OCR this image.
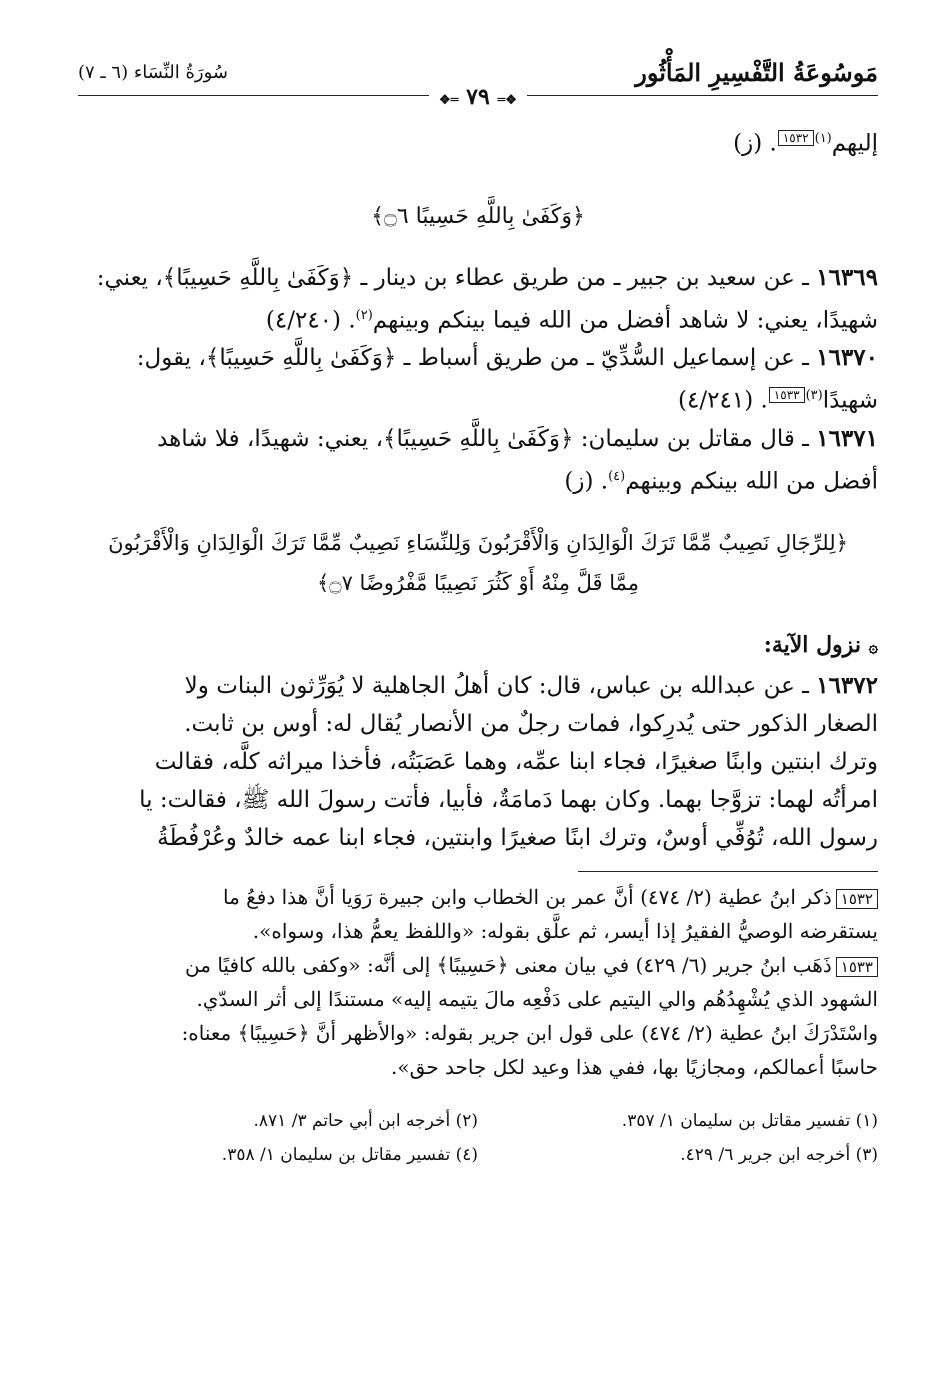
مَوسُوعَةُ التَّفْسِيرِ المَأْثُور
سُورَةُ النِّسَاء (٦ ـ ٧)
❖═ ٧٩ ═❖
إليهم$^{(١)}$١٥٣٢. (ز)
﴿وَكَفَىٰ بِاللَّهِ حَسِيبًا ۝٦﴾
١٦٣٦٩ ـ عن سعيد بن جبير ـ من طريق عطاء بن دينار ـ ﴿وَكَفَىٰ بِاللَّهِ حَسِيبًا﴾، يعني:
شهيدًا، يعني: لا شاهد أفضل من الله فيما بينكم وبينهم$^{(٢)}$. (٤/٢٤٠)
١٦٣٧٠ ـ عن إسماعيل السُّدِّيّ ـ من طريق أسباط ـ ﴿وَكَفَىٰ بِاللَّهِ حَسِيبًا﴾، يقول:
شهيدًا$^{(٣)}$١٥٣٣. (٤/٢٤١)
١٦٣٧١ ـ قال مقاتل بن سليمان: ﴿وَكَفَىٰ بِاللَّهِ حَسِيبًا﴾، يعني: شهيدًا، فلا شاهد
أفضل من الله بينكم وبينهم$^{(٤)}$. (ز)
﴿لِلرِّجَالِ نَصِيبٌ مِّمَّا تَرَكَ الْوَالِدَانِ وَالْأَقْرَبُونَ وَلِلنِّسَاءِ نَصِيبٌ مِّمَّا تَرَكَ الْوَالِدَانِ وَالْأَقْرَبُونَ
مِمَّا قَلَّ مِنْهُ أَوْ كَثُرَ نَصِيبًا مَّفْرُوضًا ۝٧﴾
۞ نزول الآية:
١٦٣٧٢ ـ عن عبدالله بن عباس، قال: كان أهلُ الجاهلية لا يُوَرِّثون البنات ولا
الصغار الذكور حتى يُدرِكوا، فمات رجلٌ من الأنصار يُقال له: أوس بن ثابت.
وترك ابنتين وابنًا صغيرًا، فجاء ابنا عمِّه، وهما عَصَبَتُه، فأخذا ميراثه كلَّه، فقالت
امرأتُه لهما: تزوَّجا بهما. وكان بهما دَمامَةٌ، فأبيا، فأتت رسولَ الله ﷺ، فقالت: يا
رسول الله، تُوُفِّي أوسٌ، وترك ابنًا صغيرًا وابنتين، فجاء ابنا عمه خالدٌ وعُرْفُطَةُ
١٥٣٢ذكر ابنُ عطية (٢/ ٤٧٤) أنَّ عمر بن الخطاب وابن جبيرة رَوَيا أنَّ هذا دفعُ ما
يستقرضه الوصيُّ الفقيرُ إذا أيسر، ثم علَّق بقوله: «واللفظ يعمُّ هذا، وسواه».
١٥٣٣ذَهَب ابنُ جرير (٦/ ٤٢٩) في بيان معنى ﴿حَسِيبًا﴾ إلى أنَّه: «وكفى بالله كافيًا من
الشهود الذي يُشْهِدُهُم والي اليتيم على دَفْعِه مالَ يتيمه إليه» مستندًا إلى أثر السدّي.
واسْتَدْرَكَ ابنُ عطية (٢/ ٤٧٤) على قول ابن جرير بقوله: «والأظهر أنَّ ﴿حَسِيبًا﴾ معناه:
حاسبًا أعمالكم، ومجازيًا بها، ففي هذا وعيد لكل جاحد حق».
(١) تفسير مقاتل بن سليمان ١/ ٣٥٧.
(٢) أخرجه ابن أبي حاتم ٣/ ٨٧١.
(٣) أخرجه ابن جرير ٦/ ٤٢٩.
(٤) تفسير مقاتل بن سليمان ١/ ٣٥٨.
